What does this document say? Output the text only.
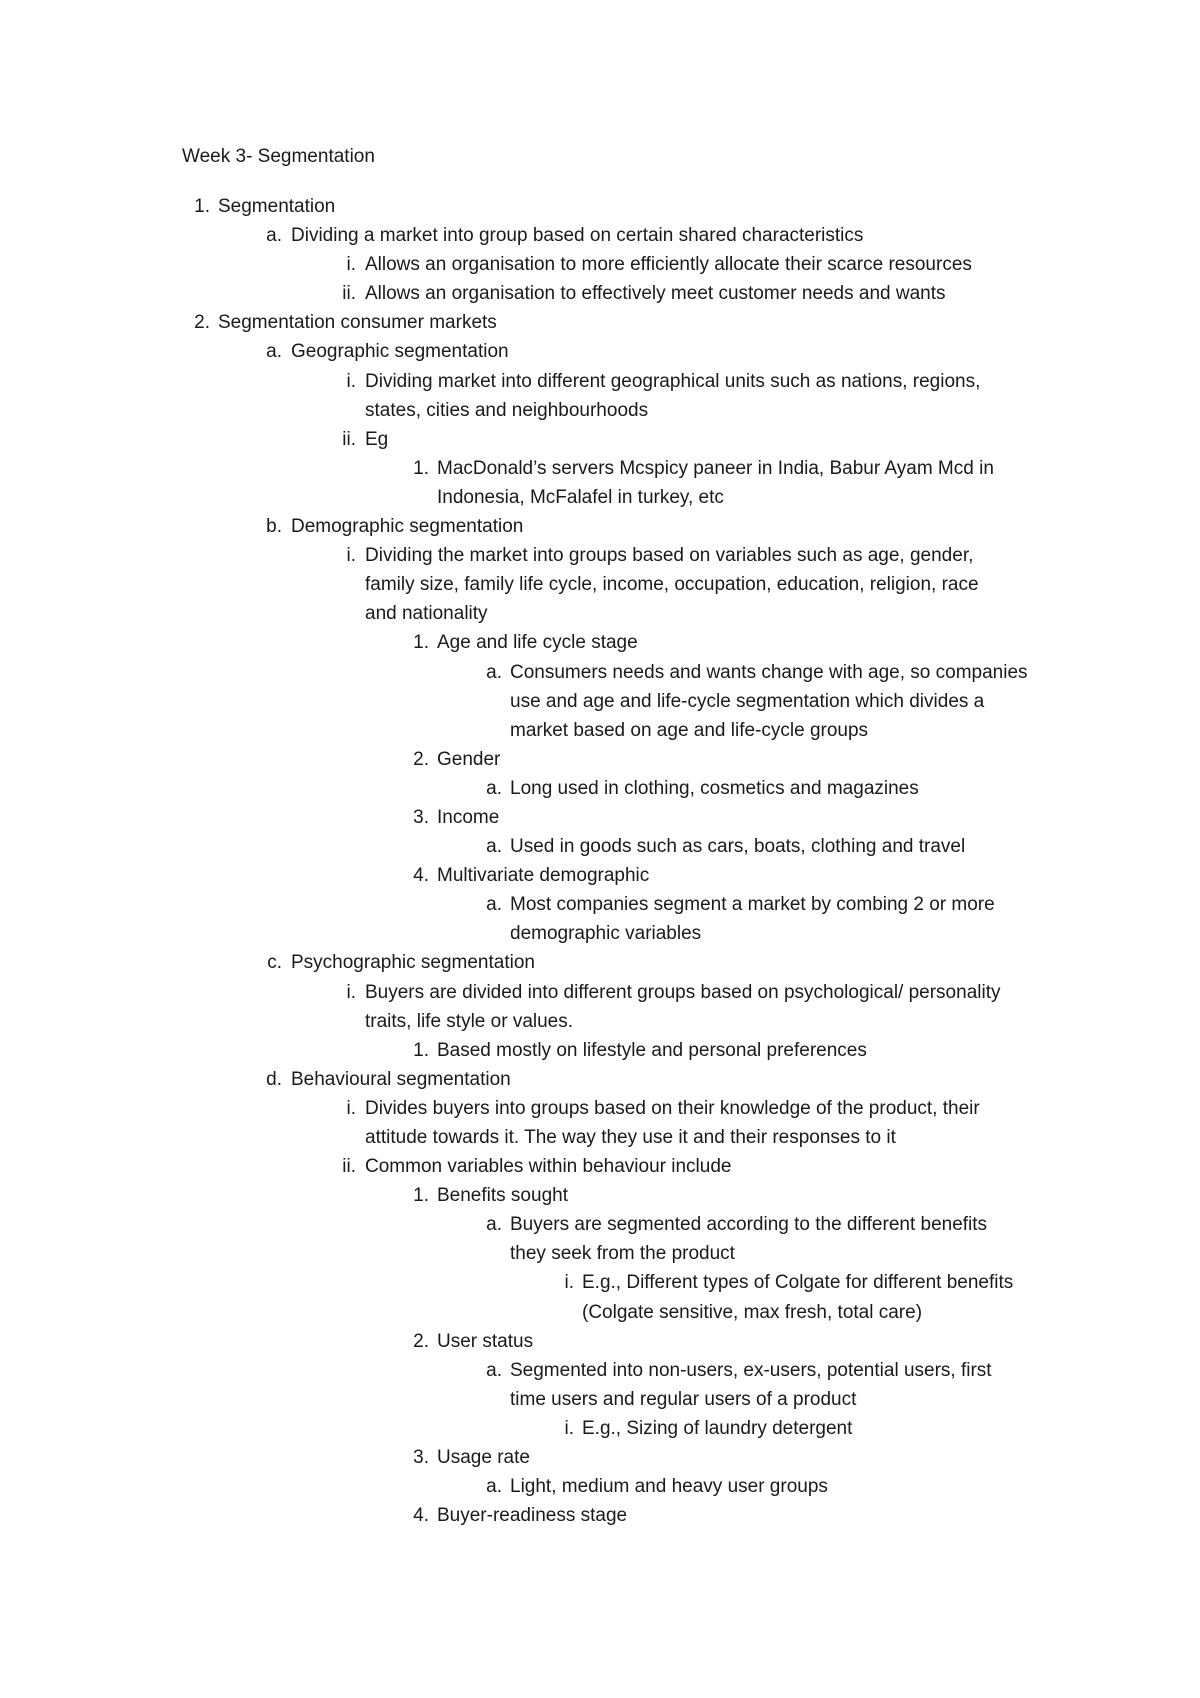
Week 3- Segmentation
1. Segmentation
a. Dividing a market into group based on certain shared characteristics
i. Allows an organisation to more efficiently allocate their scarce resources
ii. Allows an organisation to effectively meet customer needs and wants
2. Segmentation consumer markets
a. Geographic segmentation
i. Dividing market into different geographical units such as nations, regions,
states, cities and neighbourhoods
ii. Eg
1. MacDonald’s servers Mcspicy paneer in India, Babur Ayam Mcd in
Indonesia, McFalafel in turkey, etc
b. Demographic segmentation
i. Dividing the market into groups based on variables such as age, gender,
family size, family life cycle, income, occupation, education, religion, race
and nationality
1. Age and life cycle stage
a. Consumers needs and wants change with age, so companies
use and age and life-cycle segmentation which divides a
market based on age and life-cycle groups
2. Gender
a. Long used in clothing, cosmetics and magazines
3. Income
a. Used in goods such as cars, boats, clothing and travel
4. Multivariate demographic
a. Most companies segment a market by combing 2 or more
demographic variables
c. Psychographic segmentation
i. Buyers are divided into different groups based on psychological/ personality
traits, life style or values.
1. Based mostly on lifestyle and personal preferences
d. Behavioural segmentation
i. Divides buyers into groups based on their knowledge of the product, their
attitude towards it. The way they use it and their responses to it
ii. Common variables within behaviour include
1. Benefits sought
a. Buyers are segmented according to the different benefits
they seek from the product
i. E.g., Different types of Colgate for different benefits
(Colgate sensitive, max fresh, total care)
2. User status
a. Segmented into non-users, ex-users, potential users, first
time users and regular users of a product
i. E.g., Sizing of laundry detergent
3. Usage rate
a. Light, medium and heavy user groups
4. Buyer-readiness stage
